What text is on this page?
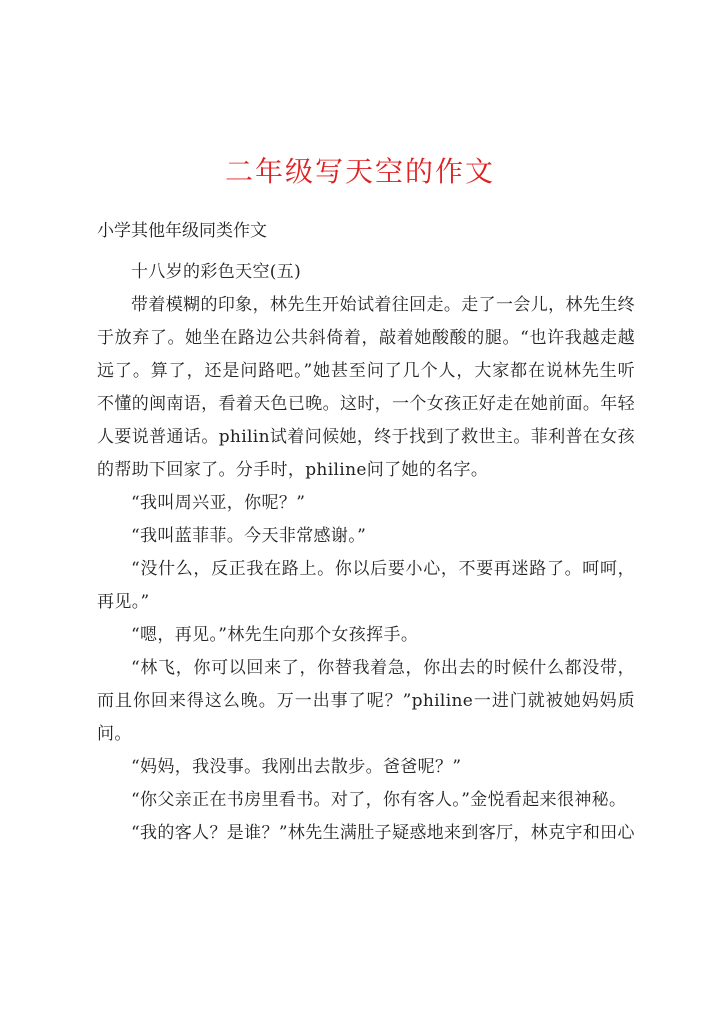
二年级写天空的作文
小学其他年级同类作文

十八岁的彩色天空(五)

带着模糊的印象，林先生开始试着往回走。走了一会儿，林先生终于放弃了。她坐在路边公共斜倚着，敲着她酸酸的腿。“也许我越走越远了。算了，还是问路吧。”她甚至问了几个人，大家都在说林先生听不懂的闽南语，看着天色已晚。这时，一个女孩正好走在她前面。年轻人要说普通话。philin试着问候她，终于找到了救世主。菲利普在女孩的帮助下回家了。分手时，philine问了她的名字。

“我叫周兴亚，你呢？”

“我叫蓝菲菲。今天非常感谢。”

“没什么，反正我在路上。你以后要小心，不要再迷路了。呵呵，再见。”

“嗯，再见。”林先生向那个女孩挥手。

“林飞，你可以回来了，你替我着急，你出去的时候什么都没带，而且你回来得这么晚。万一出事了呢？”philine一进门就被她妈妈质问。

“妈妈，我没事。我刚出去散步。爸爸呢？”

“你父亲正在书房里看书。对了，你有客人。”金悦看起来很神秘。

“我的客人？是谁？”林先生满肚子疑惑地来到客厅，林克宇和田心
